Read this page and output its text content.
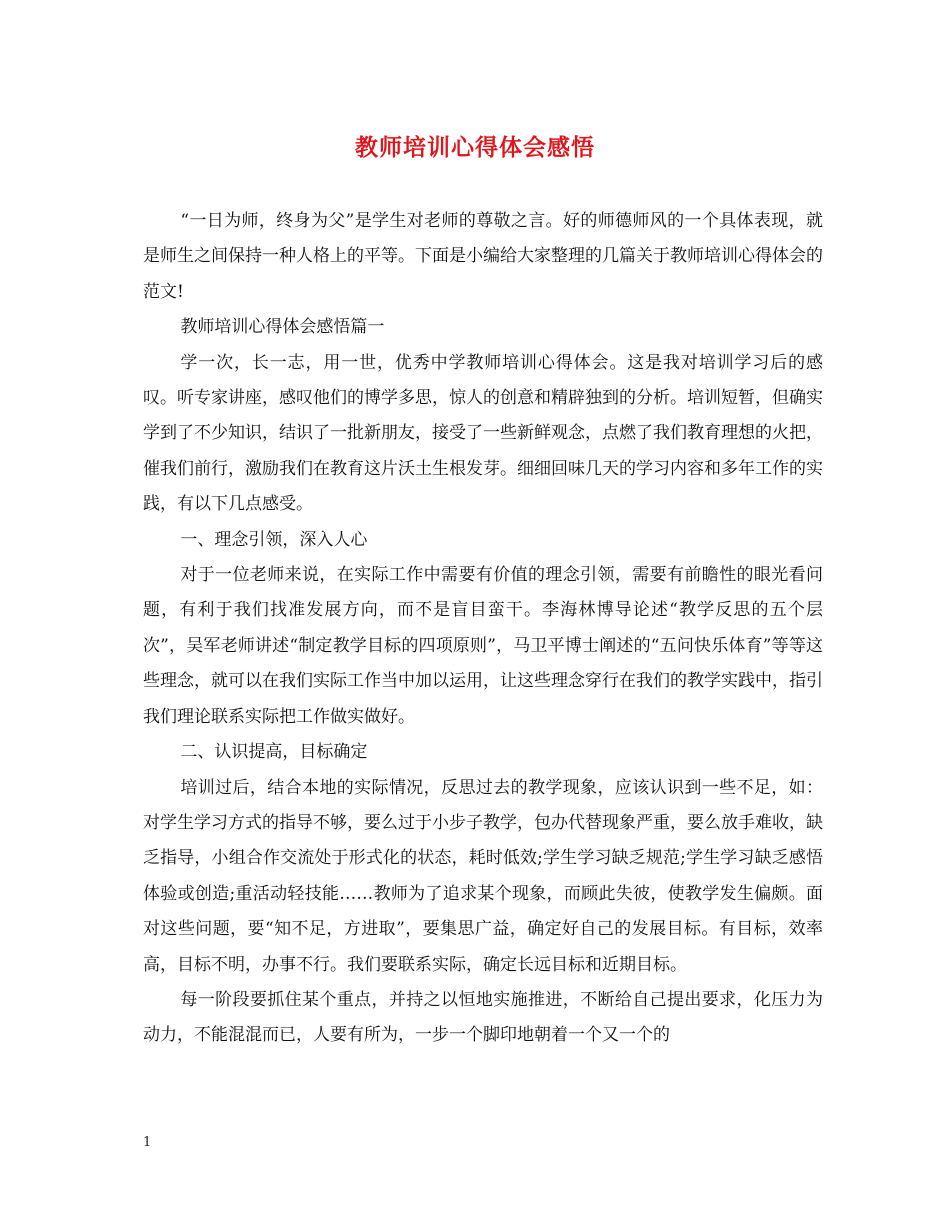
教师培训心得体会感悟

“一日为师，终身为父”是学生对老师的尊敬之言。好的师德师风的一个具体表现，就是师生之间保持一种人格上的平等。下面是小编给大家整理的几篇关于教师培训心得体会的范文!

教师培训心得体会感悟篇一

学一次，长一志，用一世，优秀中学教师培训心得体会。这是我对培训学习后的感叹。听专家讲座，感叹他们的博学多思，惊人的创意和精辟独到的分析。培训短暂，但确实学到了不少知识，结识了一批新朋友，接受了一些新鲜观念，点燃了我们教育理想的火把，催我们前行，激励我们在教育这片沃土生根发芽。细细回味几天的学习内容和多年工作的实践，有以下几点感受。

一、理念引领，深入人心

对于一位老师来说，在实际工作中需要有价值的理念引领，需要有前瞻性的眼光看问题，有利于我们找准发展方向，而不是盲目蛮干。李海林博导论述“教学反思的五个层次”，吴军老师讲述“制定教学目标的四项原则”，马卫平博士阐述的“五问快乐体育”等等这些理念，就可以在我们实际工作当中加以运用，让这些理念穿行在我们的教学实践中，指引我们理论联系实际把工作做实做好。

二、认识提高，目标确定

培训过后，结合本地的实际情况，反思过去的教学现象，应该认识到一些不足，如：对学生学习方式的指导不够，要么过于小步子教学，包办代替现象严重，要么放手难收，缺乏指导，小组合作交流处于形式化的状态，耗时低效;学生学习缺乏规范;学生学习缺乏感悟体验或创造;重活动轻技能……教师为了追求某个现象，而顾此失彼，使教学发生偏颇。面对这些问题，要“知不足，方进取”，要集思广益，确定好自己的发展目标。有目标，效率高，目标不明，办事不行。我们要联系实际，确定长远目标和近期目标。

每一阶段要抓住某个重点，并持之以恒地实施推进，不断给自己提出要求，化压力为动力，不能混混而已，人要有所为，一步一个脚印地朝着一个又一个的

1
